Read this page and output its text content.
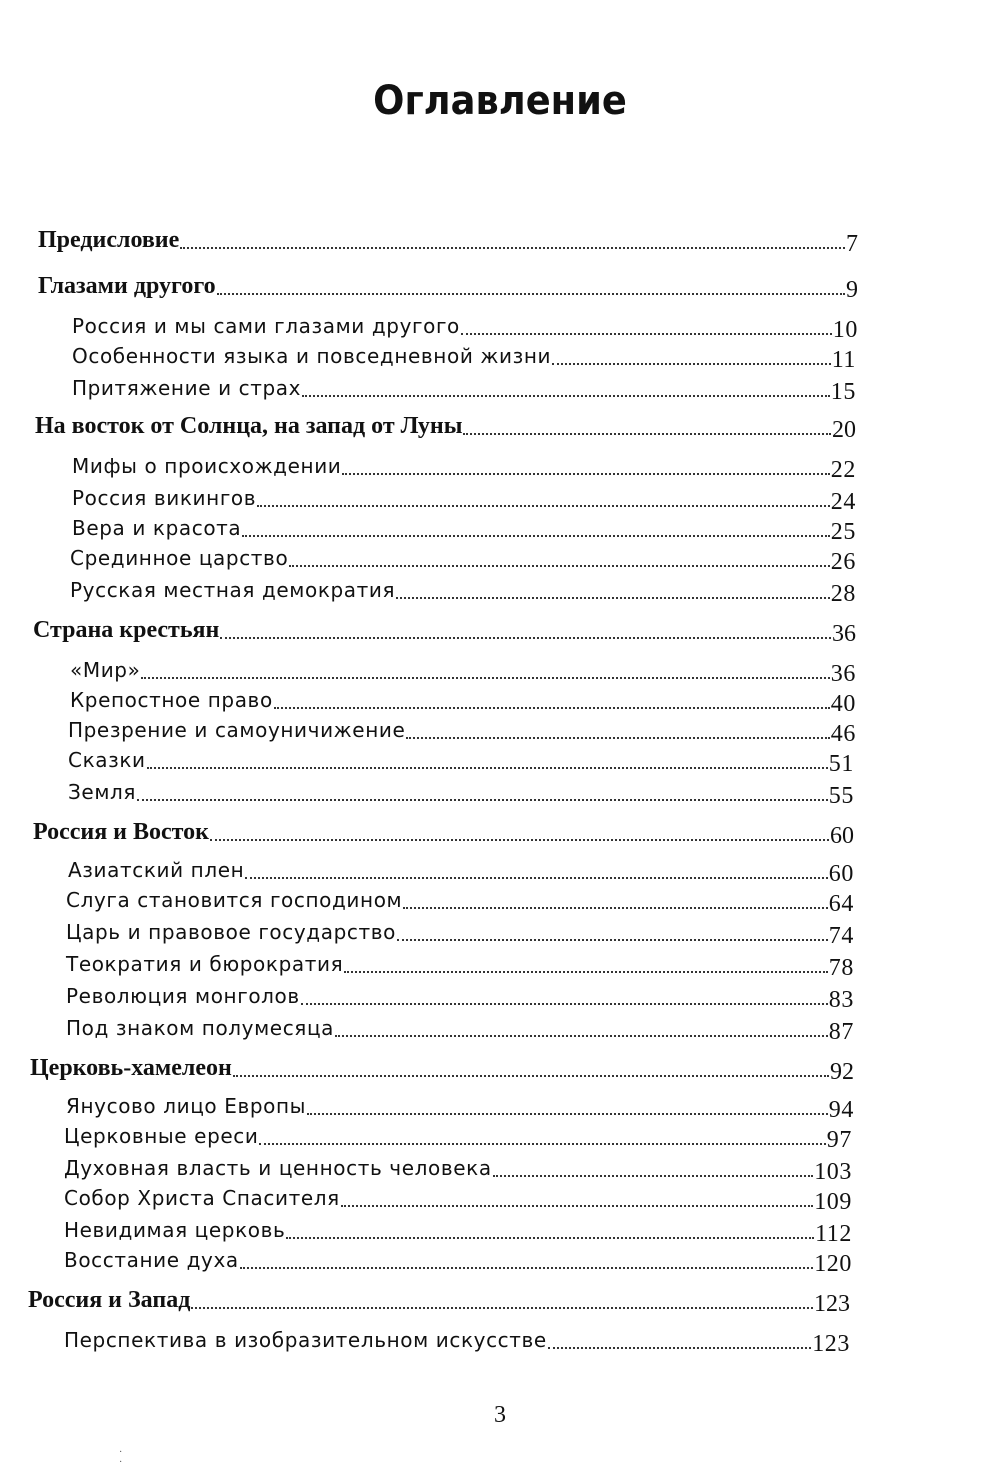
Оглавление
Предисловие	7
Глазами другого	9
Россия и мы сами глазами другого	10
Особенности языка и повседневной жизни	11
Притяжение и страх	15
На восток от Солнца, на запад от Луны	20
Мифы о происхождении	22
Россия викингов	24
Вера и красота	25
Срединное царство	26
Русская местная демократия	28
Страна крестьян	36
«Мир»	36
Крепостное право	40
Презрение и самоуничижение	46
Сказки	51
Земля	55
Россия и Восток	60
Азиатский плен	60
Слуга становится господином	64
Царь и правовое государство	74
Теократия и бюрократия	78
Революция монголов	83
Под знаком полумесяца	87
Церковь-хамелеон	92
Янусово лицо Европы	94
Церковные ереси	97
Духовная власть и ценность человека	103
Собор Христа Спасителя	109
Невидимая церковь	112
Восстание духа	120
Россия и Запад	123
Перспектива в изобразительном искусстве	123
3
·
·
